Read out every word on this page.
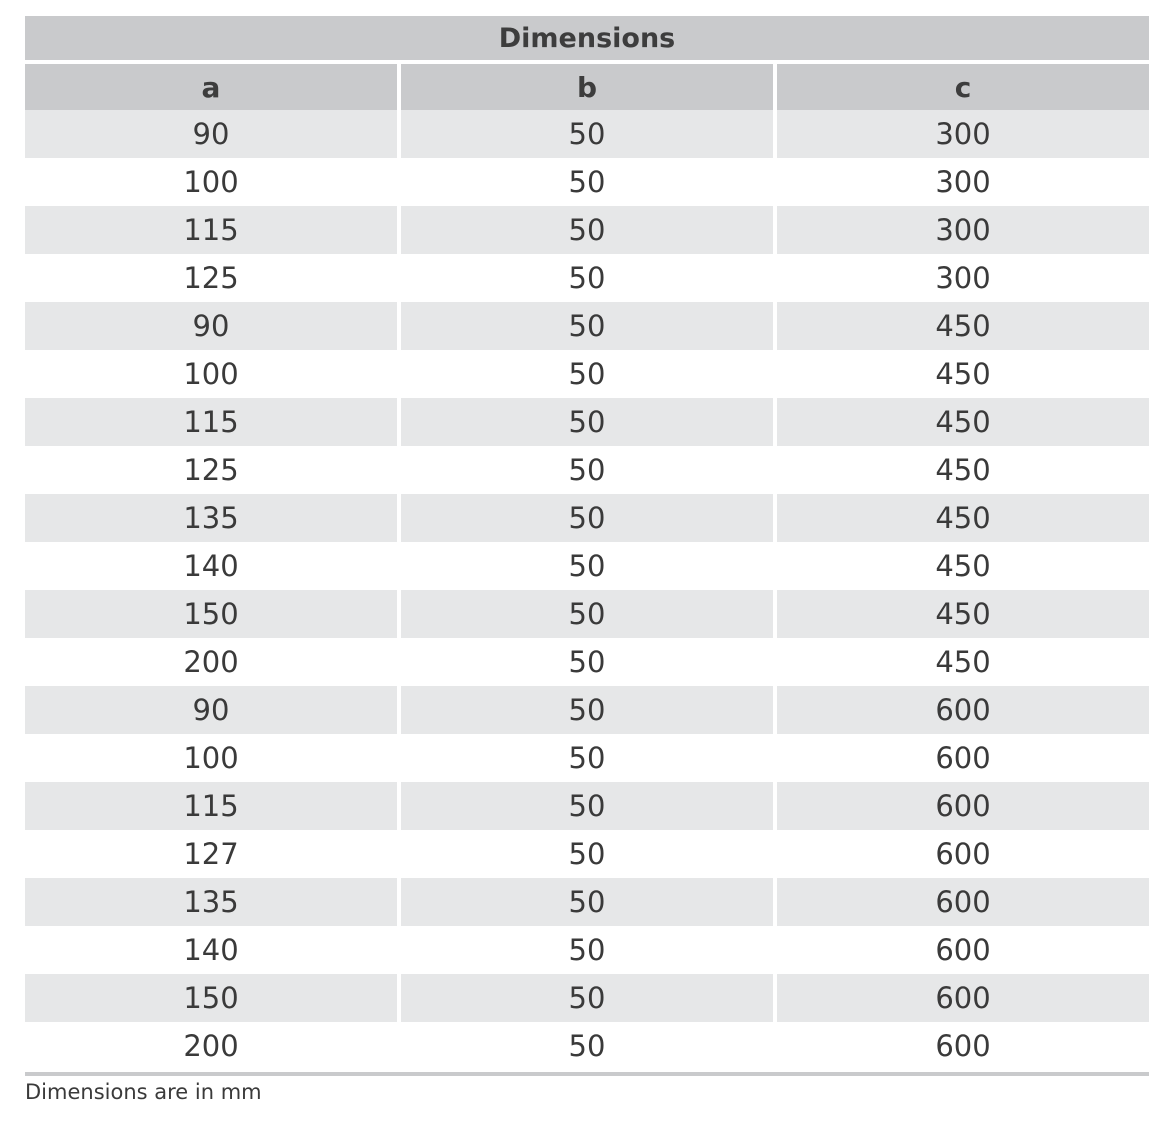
Dimensions
a	b	c
90	50	300
100	50	300
115	50	300
125	50	300
90	50	450
100	50	450
115	50	450
125	50	450
135	50	450
140	50	450
150	50	450
200	50	450
90	50	600
100	50	600
115	50	600
127	50	600
135	50	600
140	50	600
150	50	600
200	50	600
Dimensions are in mm
